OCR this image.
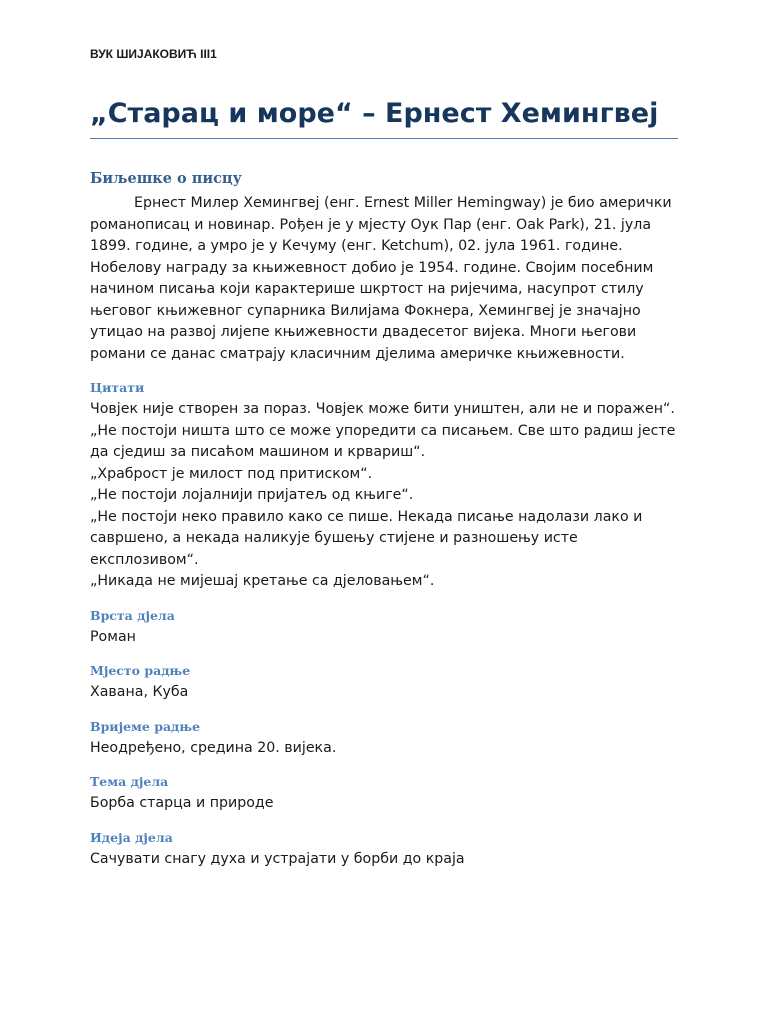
ВУК ШИЈАКОВИЋ III1

„Старац и море“ – Ернест Хемингвеј
Биљешке о писцу

Ернест Милер Хемингвеј (енг. Ernest Miller Hemingway) је био амерички романописац и новинар. Рођен је у мјесту Оук Пар (енг. Oak Park), 21. јула 1899. године, а умро је у Кечуму (енг. Ketchum), 02. јула 1961. године. Нобелову награду за књижевност добио је 1954. године. Својим посебним начином писања који карактерише шкртост на ријечима, насупрот стилу његовог књижевног супарника Вилијама Фокнера, Хемингвеј је значајно утицао на развој лијепе књижевности двадесетог вијека. Многи његови романи се данас сматрају класичним дјелима америчке књижевности.

Цитати

Човјек није створен за пораз. Човјек може бити уништен, али не и поражен“.

„Не постоји ништа што се може упоредити са писањем. Све што радиш јесте да сједиш за писаћом машином и крвариш“.

„Храброст је милост под притиском“.

„Не постоји лојалнији пријатељ од књиге“.

„Не постоји неко правило како се пише. Некада писање надолази лако и савршено, а некада наликује бушењу стијене и разношењу исте експлозивом“.

„Никада не мијешај кретање са дјеловањем“.

Врста дјела

Роман

Мјесто радње

Хавана, Куба

Вријеме радње

Неодређено, средина 20. вијека.

Тема дјела

Борба старца и природе

Идеја дјела

Сачувати снагу духа и устрајати у борби до краја
